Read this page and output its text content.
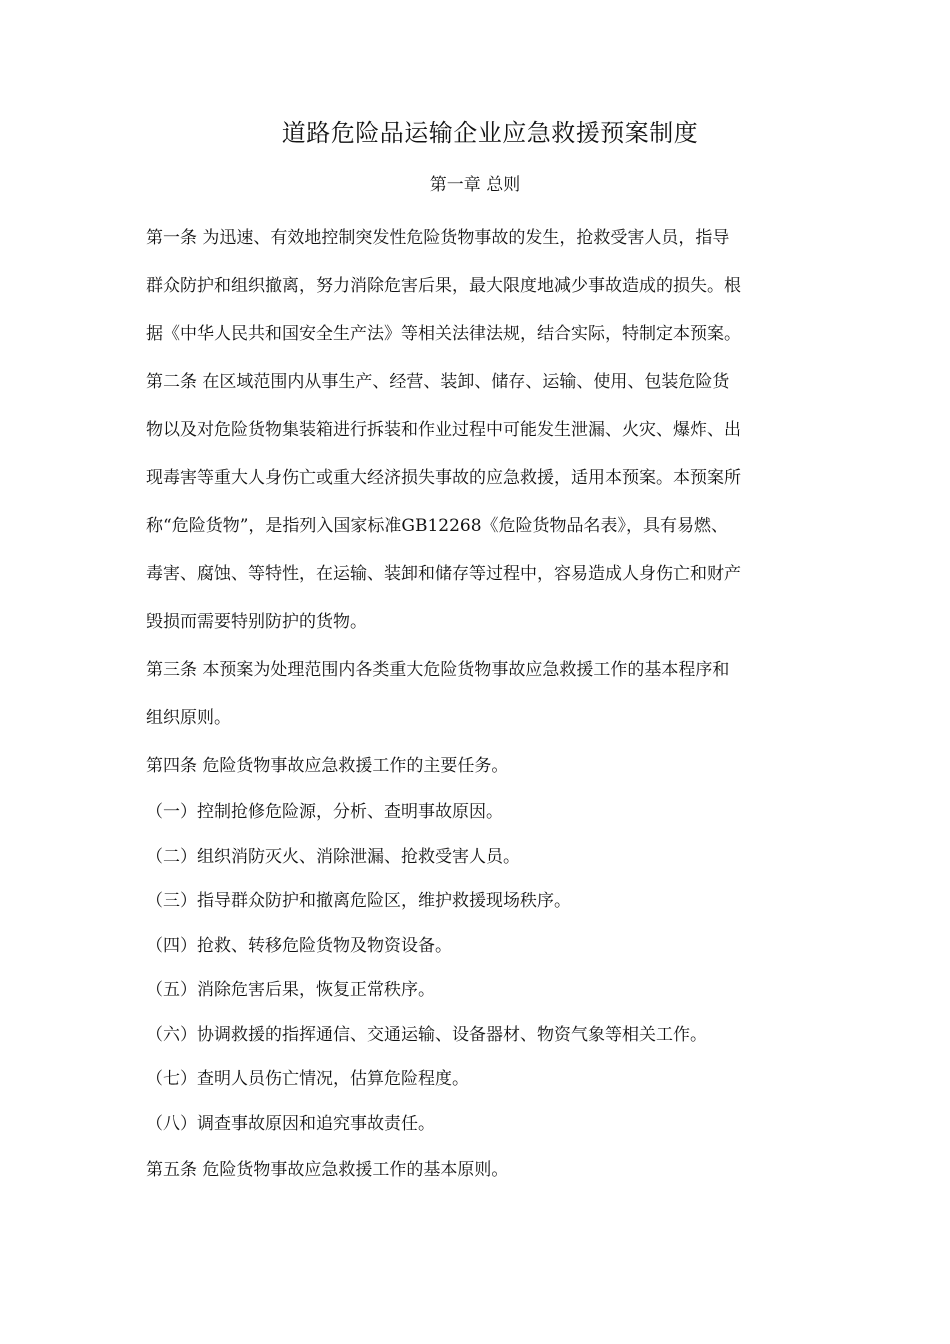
道路危险品运输企业应急救援预案制度
第一章 总则
第一条 为迅速、有效地控制突发性危险货物事故的发生，抢救受害人员，指导
群众防护和组织撤离，努力消除危害后果，最大限度地减少事故造成的损失。根
据《中华人民共和国安全生产法》等相关法律法规，结合实际，特制定本预案。
第二条 在区域范围内从事生产、经营、装卸、储存、运输、使用、包装危险货
物以及对危险货物集装箱进行拆装和作业过程中可能发生泄漏、火灾、爆炸、出
现毒害等重大人身伤亡或重大经济损失事故的应急救援，适用本预案。本预案所
称“危险货物”，是指列入国家标准GB12268《危险货物品名表》，具有易燃、
毒害、腐蚀、等特性，在运输、装卸和储存等过程中，容易造成人身伤亡和财产
毁损而需要特别防护的货物。
第三条 本预案为处理范围内各类重大危险货物事故应急救援工作的基本程序和
组织原则。
第四条 危险货物事故应急救援工作的主要任务。
（一）控制抢修危险源，分析、查明事故原因。
（二）组织消防灭火、消除泄漏、抢救受害人员。
（三）指导群众防护和撤离危险区，维护救援现场秩序。
（四）抢救、转移危险货物及物资设备。
（五）消除危害后果，恢复正常秩序。
（六）协调救援的指挥通信、交通运输、设备器材、物资气象等相关工作。
（七）查明人员伤亡情况，估算危险程度。
（八）调查事故原因和追究事故责任。
第五条 危险货物事故应急救援工作的基本原则。
